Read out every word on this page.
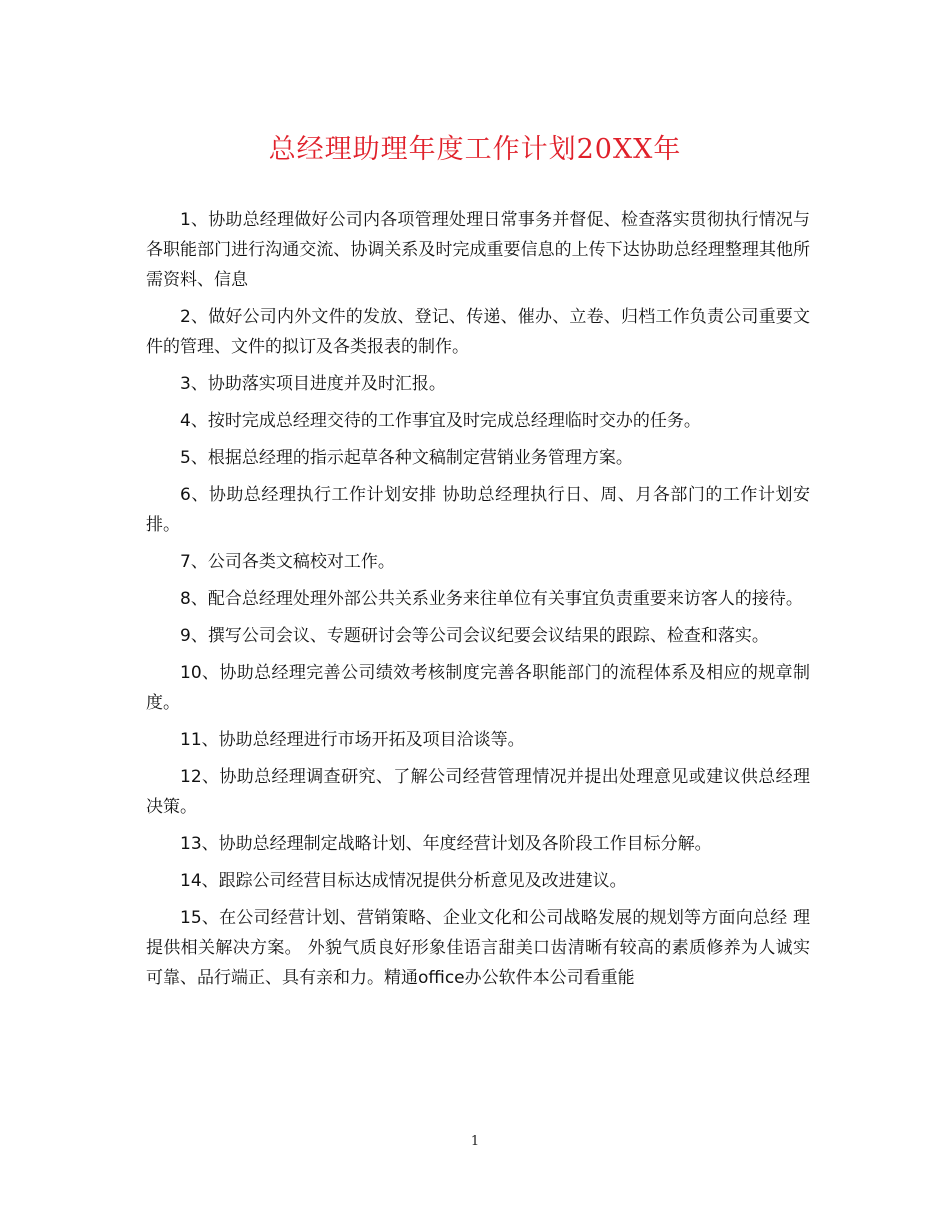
总经理助理年度工作计划20XX年

1、协助总经理做好公司内各项管理处理日常事务并督促、检查落实贯彻执行情况与各职能部门进行沟通交流、协调关系及时完成重要信息的上传下达协助总经理整理其他所需资料、信息

2、做好公司内外文件的发放、登记、传递、催办、立卷、归档工作负责公司重要文件的管理、文件的拟订及各类报表的制作。

3、协助落实项目进度并及时汇报。

4、按时完成总经理交待的工作事宜及时完成总经理临时交办的任务。

5、根据总经理的指示起草各种文稿制定营销业务管理方案。

6、协助总经理执行工作计划安排 协助总经理执行日、周、月各部门的工作计划安排。

7、公司各类文稿校对工作。

8、配合总经理处理外部公共关系业务来往单位有关事宜负责重要来访客人的接待。

9、撰写公司会议、专题研讨会等公司会议纪要会议结果的跟踪、检查和落实。

10、协助总经理完善公司绩效考核制度完善各职能部门的流程体系及相应的规章制度。

11、协助总经理进行市场开拓及项目洽谈等。

12、协助总经理调查研究、了解公司经营管理情况并提出处理意见或建议供总经理决策。

13、协助总经理制定战略计划、年度经营计划及各阶段工作目标分解。

14、跟踪公司经营目标达成情况提供分析意见及改进建议。

15、在公司经营计划、营销策略、企业文化和公司战略发展的规划等方面向总经 理提供相关解决方案。 外貌气质良好形象佳语言甜美口齿清晰有较高的素质修养为人诚实可靠、品行端正、具有亲和力。精通office办公软件本公司看重能

1
